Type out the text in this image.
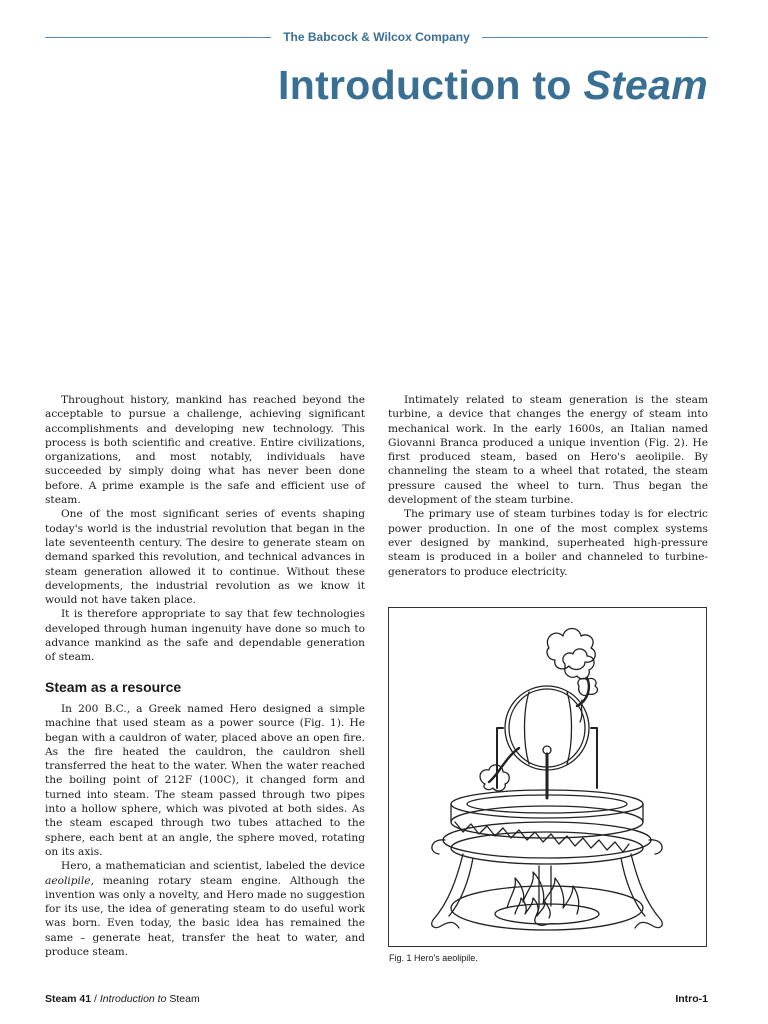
The Babcock & Wilcox Company
Introduction to Steam

Throughout history, mankind has reached beyond the acceptable to pursue a challenge, achieving significant accomplishments and developing new technology. This process is both scientific and creative. Entire civilizations, organizations, and most notably, individuals have succeeded by simply doing what has never been done before. A prime example is the safe and efficient use of steam.

One of the most significant series of events shaping today's world is the industrial revolution that began in the late seventeenth century. The desire to generate steam on demand sparked this revolution, and technical advances in steam generation allowed it to continue. Without these developments, the industrial revolution as we know it would not have taken place.

It is therefore appropriate to say that few technologies developed through human ingenuity have done so much to advance mankind as the safe and dependable generation of steam.

Steam as a resource

In 200 B.C., a Greek named Hero designed a simple machine that used steam as a power source (Fig. 1). He began with a cauldron of water, placed above an open fire. As the fire heated the cauldron, the cauldron shell transferred the heat to the water. When the water reached the boiling point of 212F (100C), it changed form and turned into steam. The steam passed through two pipes into a hollow sphere, which was pivoted at both sides. As the steam escaped through two tubes attached to the sphere, each bent at an angle, the sphere moved, rotating on its axis.

Hero, a mathematician and scientist, labeled the device aeolipile, meaning rotary steam engine. Although the invention was only a novelty, and Hero made no suggestion for its use, the idea of generating steam to do useful work was born. Even today, the basic idea has remained the same – generate heat, transfer the heat to water, and produce steam.

Intimately related to steam generation is the steam turbine, a device that changes the energy of steam into mechanical work. In the early 1600s, an Italian named Giovanni Branca produced a unique invention (Fig. 2). He first produced steam, based on Hero's aeolipile. By channeling the steam to a wheel that rotated, the steam pressure caused the wheel to turn. Thus began the development of the steam turbine.

The primary use of steam turbines today is for electric power production. In one of the most complex systems ever designed by mankind, superheated high-pressure steam is produced in a boiler and channeled to turbine-generators to produce electricity.

Fig. 1 Hero's aeolipile.
Steam 41 / Introduction to Steam	Intro-1
